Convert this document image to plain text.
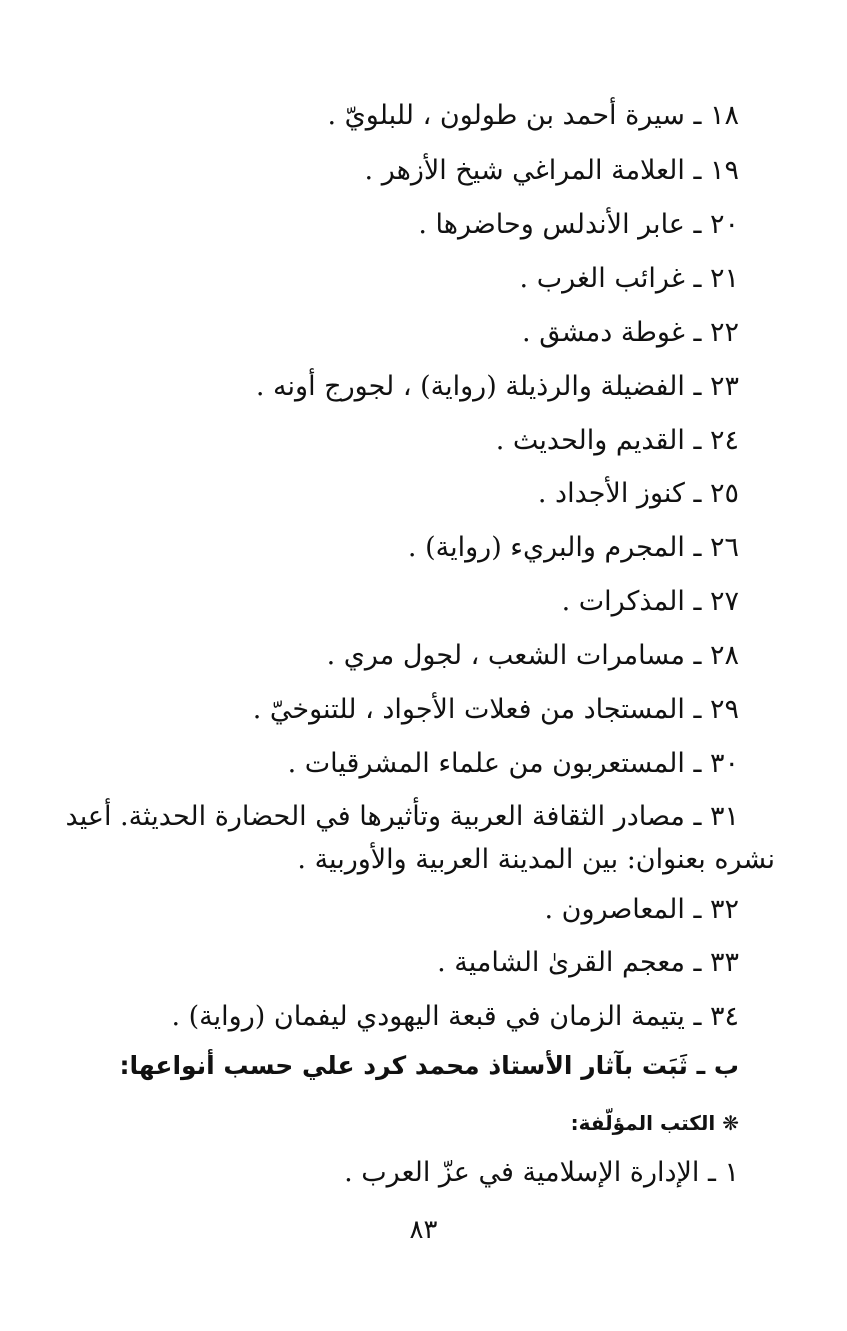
١٨ ـ سيرة أحمد بن طولون ، للبلويّ .
١٩ ـ العلامة المراغي شيخ الأزهر .
٢٠ ـ عابر الأندلس وحاضرها .
٢١ ـ غرائب الغرب .
٢٢ ـ غوطة دمشق .
٢٣ ـ الفضيلة والرذيلة (رواية) ، لجورج أونه .
٢٤ ـ القديم والحديث .
٢٥ ـ كنوز الأجداد .
٢٦ ـ المجرم والبريء (رواية) .
٢٧ ـ المذكرات .
٢٨ ـ مسامرات الشعب ، لجول مري .
٢٩ ـ المستجاد من فعلات الأجواد ، للتنوخيّ .
٣٠ ـ المستعربون من علماء المشرقيات .
٣١ ـ مصادر الثقافة العربية وتأثيرها في الحضارة الحديثة. أعيد
نشره بعنوان: بين المدينة العربية والأوربية .
٣٢ ـ المعاصرون .
٣٣ ـ معجم القرىٰ الشامية .
٣٤ ـ يتيمة الزمان في قبعة اليهودي ليفمان (رواية) .
ب ـ ثَبَت بآثار الأستاذ محمد كرد علي حسب أنواعها:
❋ الكتب المؤلّفة:
١ ـ الإدارة الإسلامية في عزّ العرب .
٨٣
